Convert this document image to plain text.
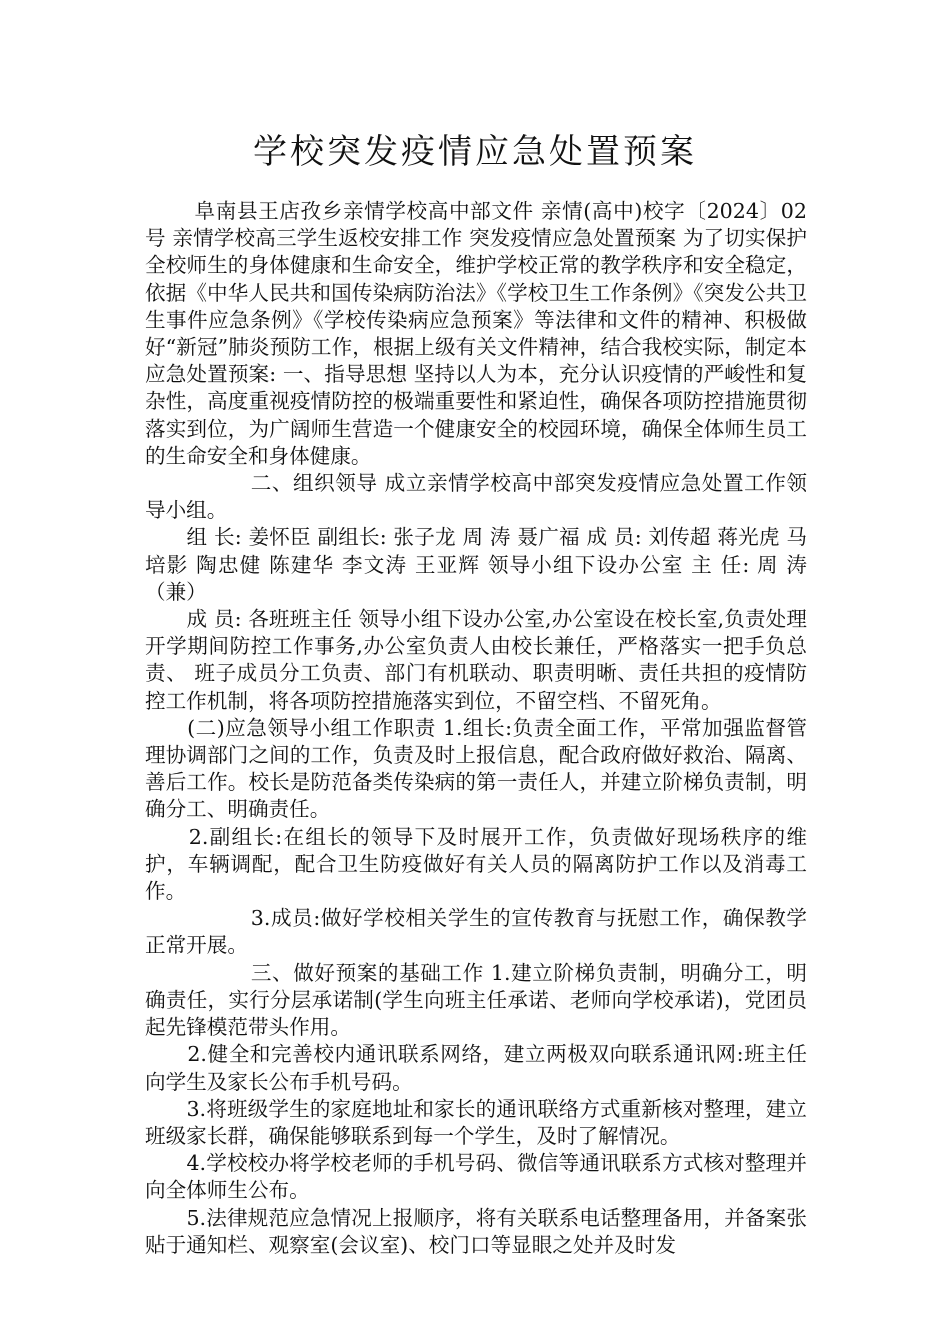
学校突发疫情应急处置预案

　　 阜南县王店孜乡亲情学校高中部文件 亲情(高中)校字〔2024〕02号 亲情学校高三学生返校安排工作 突发疫情应急处置预案 为了切实保护全校师生的身体健康和生命安全，维护学校正常的教学秩序和安全稳定，依据《中华人民共和国传染病防治法》《学校卫生工作条例》《突发公共卫生事件应急条例》《学校传染病应急预案》等法律和文件的精神、积极做好“新冠”肺炎预防工作，根据上级有关文件精神，结合我校实际，制定本应急处置预案: 一、指导思想 坚持以人为本，充分认识疫情的严峻性和复杂性，高度重视疫情防控的极端重要性和紧迫性，确保各项防控措施贯彻落实到位，为广阔师生营造一个健康安全的校园环境，确保全体师生员工的生命安全和身体健康。

　　　　　二、组织领导 成立亲情学校高中部突发疫情应急处置工作领导小组。

　　组 长: 姜怀臣 副组长: 张子龙 周 涛 聂广福 成 员: 刘传超 蒋光虎 马培影 陶忠健 陈建华 李文涛 王亚辉 领导小组下设办公室 主 任: 周 涛（兼）

　　成 员: 各班班主任 领导小组下设办公室,办公室设在校长室,负责处理开学期间防控工作事务,办公室负责人由校长兼任，严格落实一把手负总责、 班子成员分工负责、部门有机联动、职责明晰、责任共担的疫情防控工作机制，将各项防控措施落实到位，不留空档、不留死角。

　　(二)应急领导小组工作职责 1.组长:负责全面工作，平常加强监督管理协调部门之间的工作，负责及时上报信息，配合政府做好救治、隔离、善后工作。校长是防范备类传染病的第一责任人，并建立阶梯负责制，明确分工、明确责任。

　　2.副组长:在组长的领导下及时展开工作，负责做好现场秩序的维护，车辆调配，配合卫生防疫做好有关人员的隔离防护工作以及消毒工作。

　　　　　3.成员:做好学校相关学生的宣传教育与抚慰工作，确保教学正常开展。

　　　　　三、做好预案的基础工作 1.建立阶梯负责制，明确分工，明确责任，实行分层承诺制(学生向班主任承诺、老师向学校承诺)，党团员起先锋模范带头作用。

　　2.健全和完善校内通讯联系网络，建立两极双向联系通讯网:班主任向学生及家长公布手机号码。

　　3.将班级学生的家庭地址和家长的通讯联络方式重新核对整理，建立班级家长群，确保能够联系到每一个学生，及时了解情况。

　　4.学校校办将学校老师的手机号码、微信等通讯联系方式核对整理并向全体师生公布。

　　5.法律规范应急情况上报顺序，将有关联系电话整理备用，并备案张贴于通知栏、观察室(会议室)、校门口等显眼之处并及时发
